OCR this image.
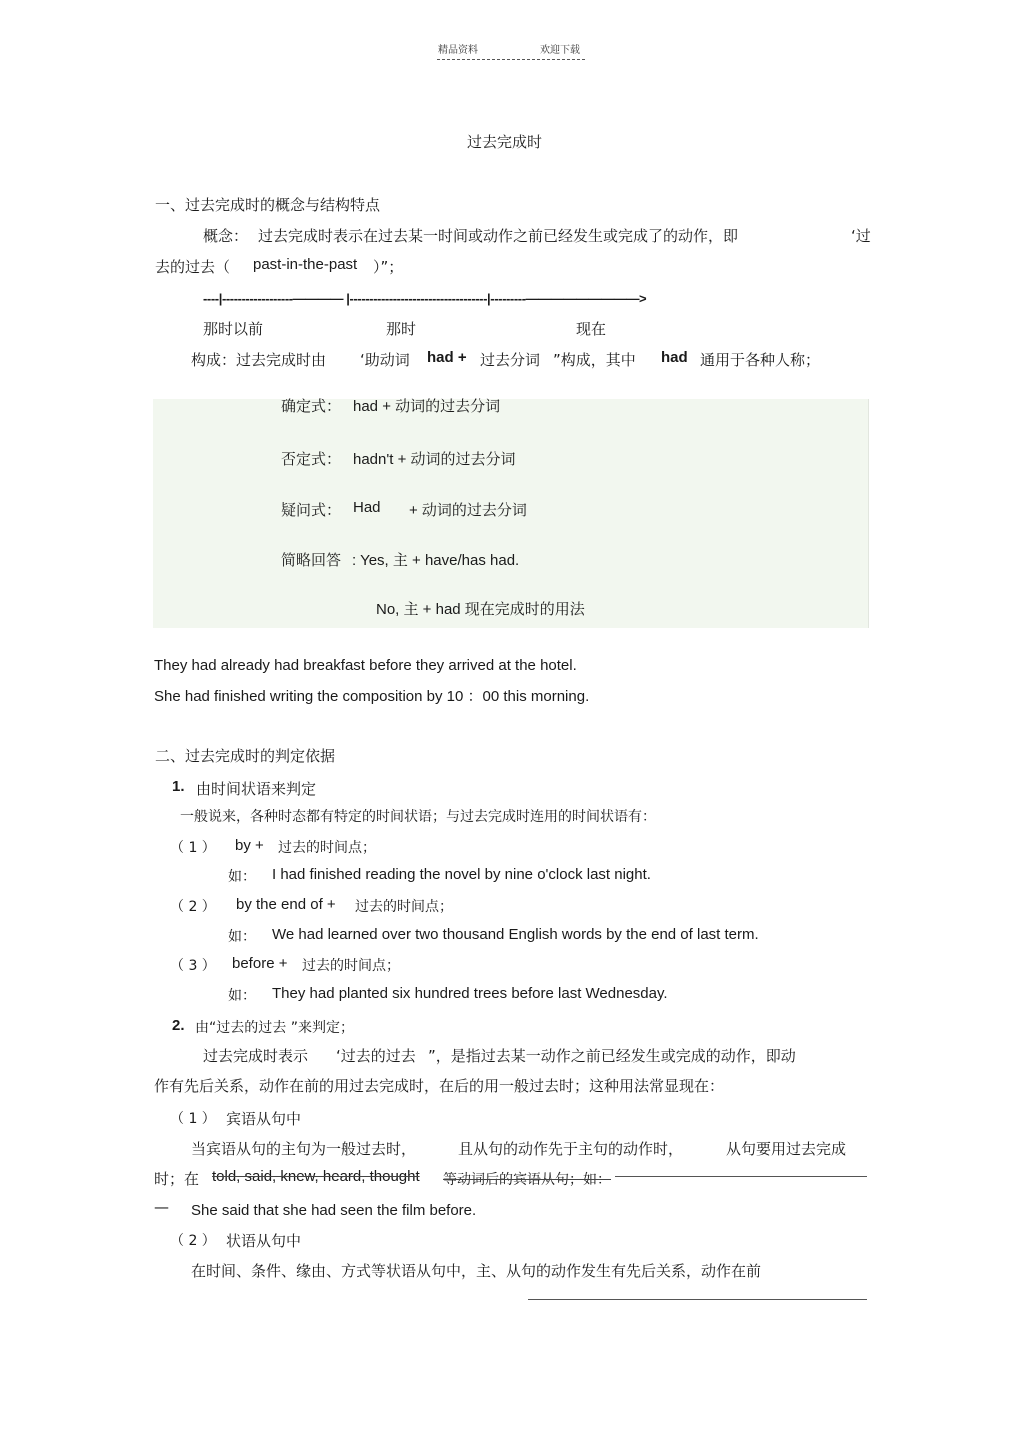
精品资料	欢迎下载
过去完成时
一、过去完成时的概念与结构特点
概念： 过去完成时表示在过去某一时间或动作之前已经发生或完成了的动作，即	‘过
去的过去（ past-in-the-past ）”；
----|------------------———— |-----------------------------------|---------—————————>
那时以前	那时	现在
构成：过去完成时由 ‘助动词 had + 过去分词 ”构成，其中 had 通用于各种人称；
确定式： had + 动词的过去分词
否定式： hadn't + 动词的过去分词
疑问式： Had + 动词的过去分词
简略回答 : Yes, 主 + have/has had.
No, 主 + had 现在完成时的用法
They had already had breakfast before they arrived at the hotel.
She had finished writing the composition by 10 ：00 this morning.
二、过去完成时的判定依据
1. 由时间状语来判定
一般说来，各种时态都有特定的时间状语；与过去完成时连用的时间状语有：
（ 1 ） by + 过去的时间点；
如： I had finished reading the novel by nine o'clock last night.
（ 2 ） by the end of + 过去的时间点；
如： We had learned over two thousand English words by the end of last term.
（ 3 ） before + 过去的时间点；
如： They had planted six hundred trees before last Wednesday.
2. 由“过去的过去 ”来判定；
过去完成时表示 ‘过去的过去 ”，是指过去某一动作之前已经发生或完成的动作，即动
作有先后关系，动作在前的用过去完成时，在后的用一般过去时；这种用法常显现在：
（ 1 ） 宾语从句中
当宾语从句的主句为一般过去时，	且从句的动作先于主句的动作时，	从句要用过去完成
时；在 told, said, knew, heard, thought 等动词后的宾语从句；如：
— She said that she had seen the film before.
（ 2 ） 状语从句中
在时间、条件、缘由、方式等状语从句中，主、从句的动作发生有先后关系，动作在前
